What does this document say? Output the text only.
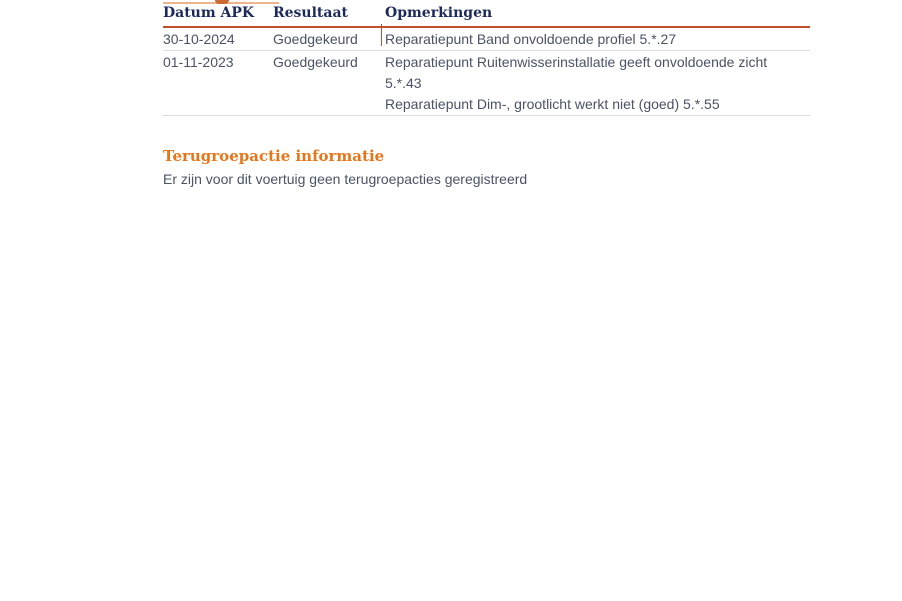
Datum APK	Resultaat	Opmerkingen
30-10-2024	Goedgekeurd	Reparatiepunt Band onvoldoende profiel 5.*.27

01-11-2023	Goedgekeurd	Reparatiepunt Ruitenwisserinstallatie geeft onvoldoende zicht
5.*.43
Reparatiepunt Dim-, grootlicht werkt niet (goed) 5.*.55
Terugroepactie informatie

Er zijn voor dit voertuig geen terugroepacties geregistreerd
